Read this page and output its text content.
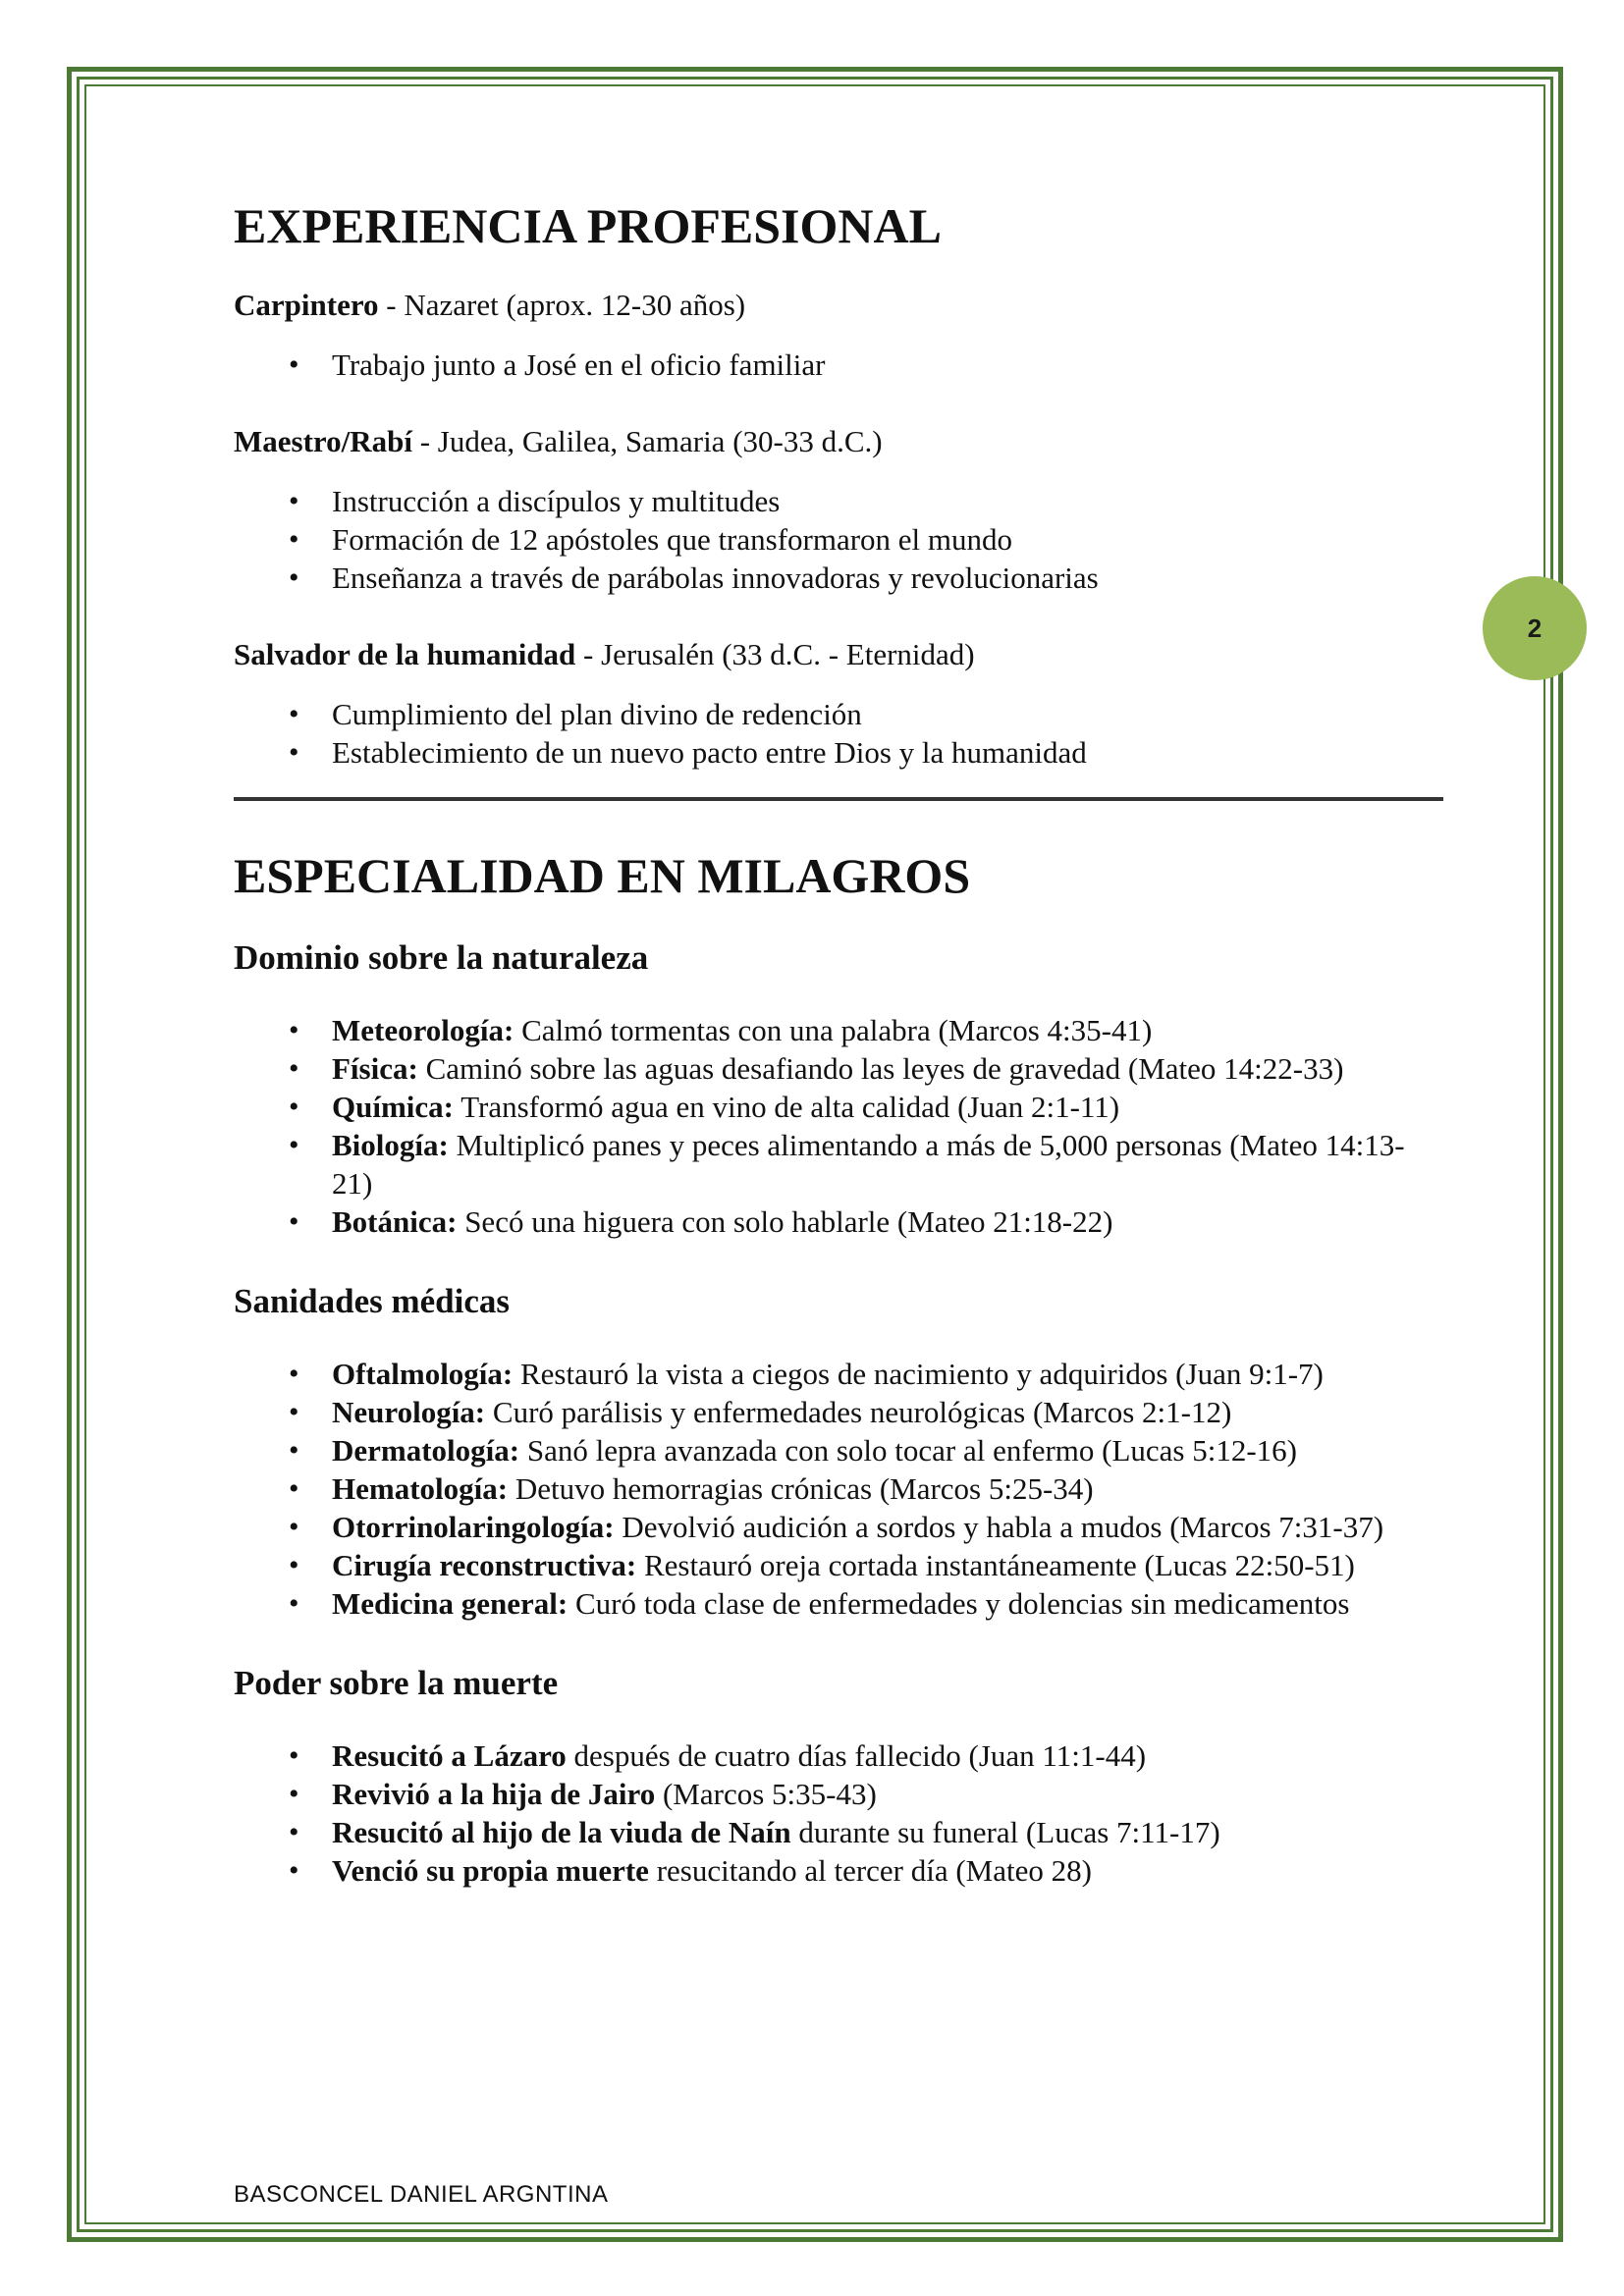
2
EXPERIENCIA PROFESIONAL

Carpintero - Nazaret (aprox. 12-30 años)

• Trabajo junto a José en el oficio familiar

Maestro/Rabí - Judea, Galilea, Samaria (30-33 d.C.)

• Instrucción a discípulos y multitudes
• Formación de 12 apóstoles que transformaron el mundo
• Enseñanza a través de parábolas innovadoras y revolucionarias

Salvador de la humanidad - Jerusalén (33 d.C. - Eternidad)

• Cumplimiento del plan divino de redención
• Establecimiento de un nuevo pacto entre Dios y la humanidad
ESPECIALIDAD EN MILAGROS
Dominio sobre la naturaleza
• Meteorología: Calmó tormentas con una palabra (Marcos 4:35-41)
• Física: Caminó sobre las aguas desafiando las leyes de gravedad (Mateo 14:22-33)
• Química: Transformó agua en vino de alta calidad (Juan 2:1-11)
• Biología: Multiplicó panes y peces alimentando a más de 5,000 personas (Mateo 14:13-21)
• Botánica: Secó una higuera con solo hablarle (Mateo 21:18-22)
Sanidades médicas
• Oftalmología: Restauró la vista a ciegos de nacimiento y adquiridos (Juan 9:1-7)
• Neurología: Curó parálisis y enfermedades neurológicas (Marcos 2:1-12)
• Dermatología: Sanó lepra avanzada con solo tocar al enfermo (Lucas 5:12-16)
• Hematología: Detuvo hemorragias crónicas (Marcos 5:25-34)
• Otorrinolaringología: Devolvió audición a sordos y habla a mudos (Marcos 7:31-37)
• Cirugía reconstructiva: Restauró oreja cortada instantáneamente (Lucas 22:50-51)
• Medicina general: Curó toda clase de enfermedades y dolencias sin medicamentos
Poder sobre la muerte
• Resucitó a Lázaro después de cuatro días fallecido (Juan 11:1-44)
• Revivió a la hija de Jairo (Marcos 5:35-43)
• Resucitó al hijo de la viuda de Naín durante su funeral (Lucas 7:11-17)
• Venció su propia muerte resucitando al tercer día (Mateo 28)
BASCONCEL DANIEL ARGNTINA
